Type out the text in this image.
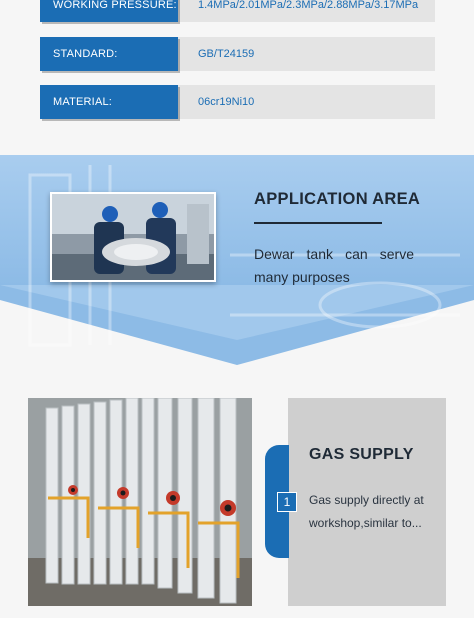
WORKING PRESSURE: 1.4MPa/2.01MPa/2.3MPa/2.88MPa/3.17MPa
STANDARD:	GB/T24159
MATERIAL:	06cr19Ni10
APPLICATION AREA

Dewar tank can serve many purposes

GAS SUPPLY
1	Gas supply directly at workshop,similar to...
